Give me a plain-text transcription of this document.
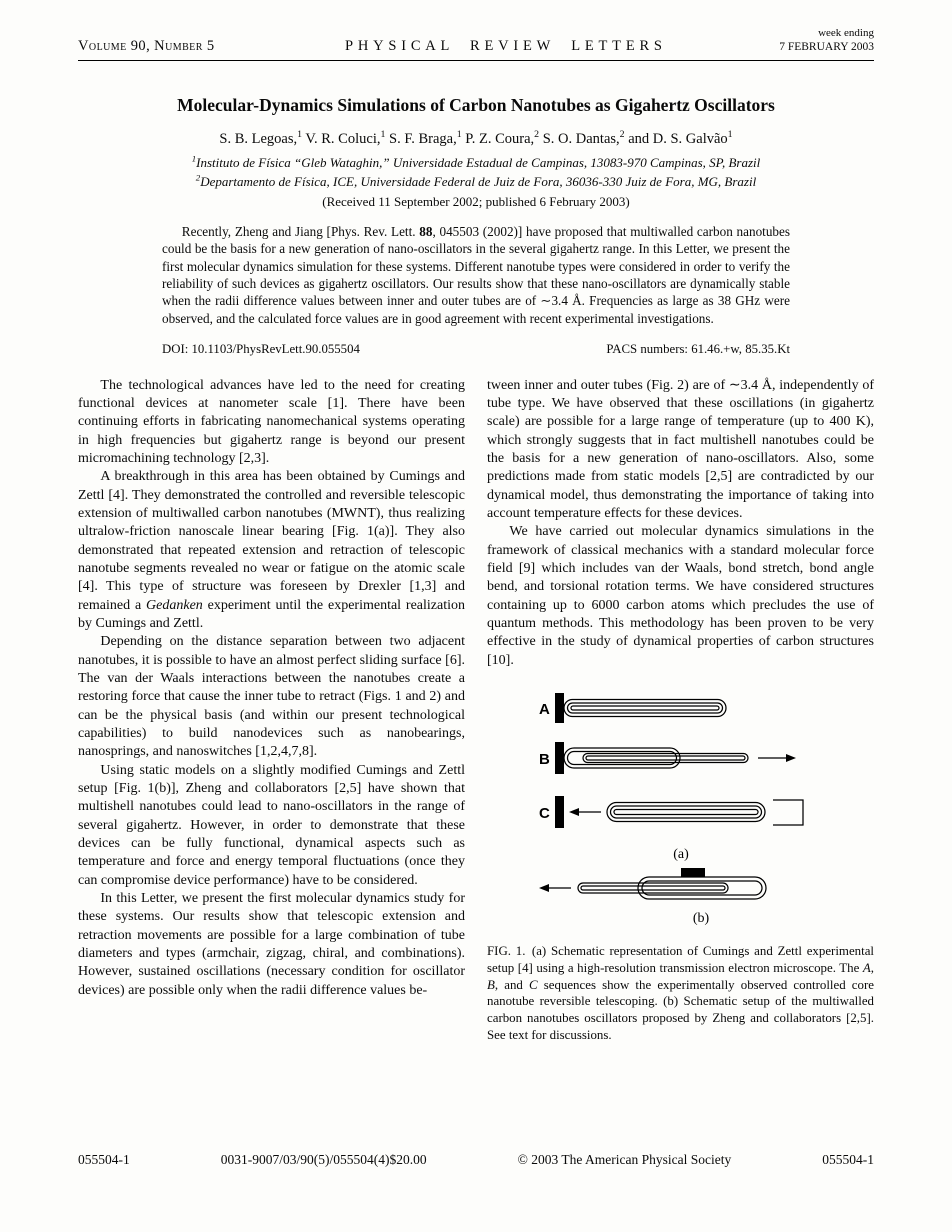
Volume 90, Number 5	PHYSICAL REVIEW LETTERS
week ending
7 FEBRUARY 2003
Molecular-Dynamics Simulations of Carbon Nanotubes as Gigahertz Oscillators
S. B. Legoas,$^1$ V. R. Coluci,$^1$ S. F. Braga,$^1$ P. Z. Coura,$^2$ S. O. Dantas,$^2$ and D. S. Galvão$^1$
$^1$Instituto de Física “Gleb Wataghin,” Universidade Estadual de Campinas, 13083-970 Campinas, SP, Brazil
$^2$Departamento de Física, ICE, Universidade Federal de Juiz de Fora, 36036-330 Juiz de Fora, MG, Brazil
(Received 11 September 2002; published 6 February 2003)

Recently, Zheng and Jiang [Phys. Rev. Lett. 88, 045503 (2002)] have proposed that multiwalled carbon nanotubes could be the basis for a new generation of nano-oscillators in the several gigahertz range. In this Letter, we present the first molecular dynamics simulation for these systems. Different nanotube types were considered in order to verify the reliability of such devices as gigahertz oscillators. Our results show that these nano-oscillators are dynamically stable when the radii difference values between inner and outer tubes are of ∼3.4 Å. Frequencies as large as 38 GHz were observed, and the calculated force values are in good agreement with recent experimental investigations.

DOI: 10.1103/PhysRevLett.90.055504	PACS numbers: 61.46.+w, 85.35.Kt

The technological advances have led to the need for creating functional devices at nanometer scale [1]. There have been continuing efforts in fabricating nanomechanical systems operating in high frequencies but gigahertz range is beyond our present micromachining technology [2,3].

A breakthrough in this area has been obtained by Cumings and Zettl [4]. They demonstrated the controlled and reversible telescopic extension of multiwalled carbon nanotubes (MWNT), thus realizing ultralow-friction nanoscale linear bearing [Fig. 1(a)]. They also demonstrated that repeated extension and retraction of telescopic nanotube segments revealed no wear or fatigue on the atomic scale [4]. This type of structure was foreseen by Drexler [1,3] and remained a Gedanken experiment until the experimental realization by Cumings and Zettl.

Depending on the distance separation between two adjacent nanotubes, it is possible to have an almost perfect sliding surface [6]. The van der Waals interactions between the nanotubes create a restoring force that cause the inner tube to retract (Figs. 1 and 2) and can be the physical basis (and within our present technological capabilities) to build nanodevices such as nanobearings, nanosprings, and nanoswitches [1,2,4,7,8].

Using static models on a slightly modified Cumings and Zettl setup [Fig. 1(b)], Zheng and collaborators [2,5] have shown that multishell nanotubes could lead to nano-oscillators in the range of several gigahertz. However, in order to demonstrate that these devices can be fully functional, dynamical aspects such as temperature and force and energy temporal fluctuations (once they can compromise device performance) have to be considered.

In this Letter, we present the first molecular dynamics study for these systems. Our results show that telescopic extension and retraction movements are possible for a large combination of tube diameters and types (armchair, zigzag, chiral, and combinations). However, sustained oscillations (necessary condition for oscillator devices) are possible only when the radii difference values be-

tween inner and outer tubes (Fig. 2) are of ∼3.4 Å, independently of tube type. We have observed that these oscillations (in gigahertz scale) are possible for a large range of temperature (up to 400 K), which strongly suggests that in fact multishell nanotubes could be the basis for a new generation of nano-oscillators. Also, some predictions made from static models [2,5] are contradicted by our dynamical model, thus demonstrating the importance of taking into account temperature effects for these devices.

We have carried out molecular dynamics simulations in the framework of classical mechanics with a standard molecular force field [9] which includes van der Waals, bond stretch, bond angle bend, and torsional rotation terms. We have considered structures containing up to 6000 carbon atoms which precludes the use of quantum methods. This methodology has been proven to be very effective in the study of dynamical properties of carbon structures [10].

A
B
C
(a)
(b)
FIG. 1. (a) Schematic representation of Cumings and Zettl experimental setup [4] using a high-resolution transmission electron microscope. The A, B, and C sequences show the experimentally observed controlled core nanotube reversible telescoping. (b) Schematic setup of the multiwalled carbon nanotubes oscillators proposed by Zheng and collaborators [2,5]. See text for discussions.
055504-1	0031-9007/03/90(5)/055504(4)$20.00	© 2003 The American Physical Society	055504-1
